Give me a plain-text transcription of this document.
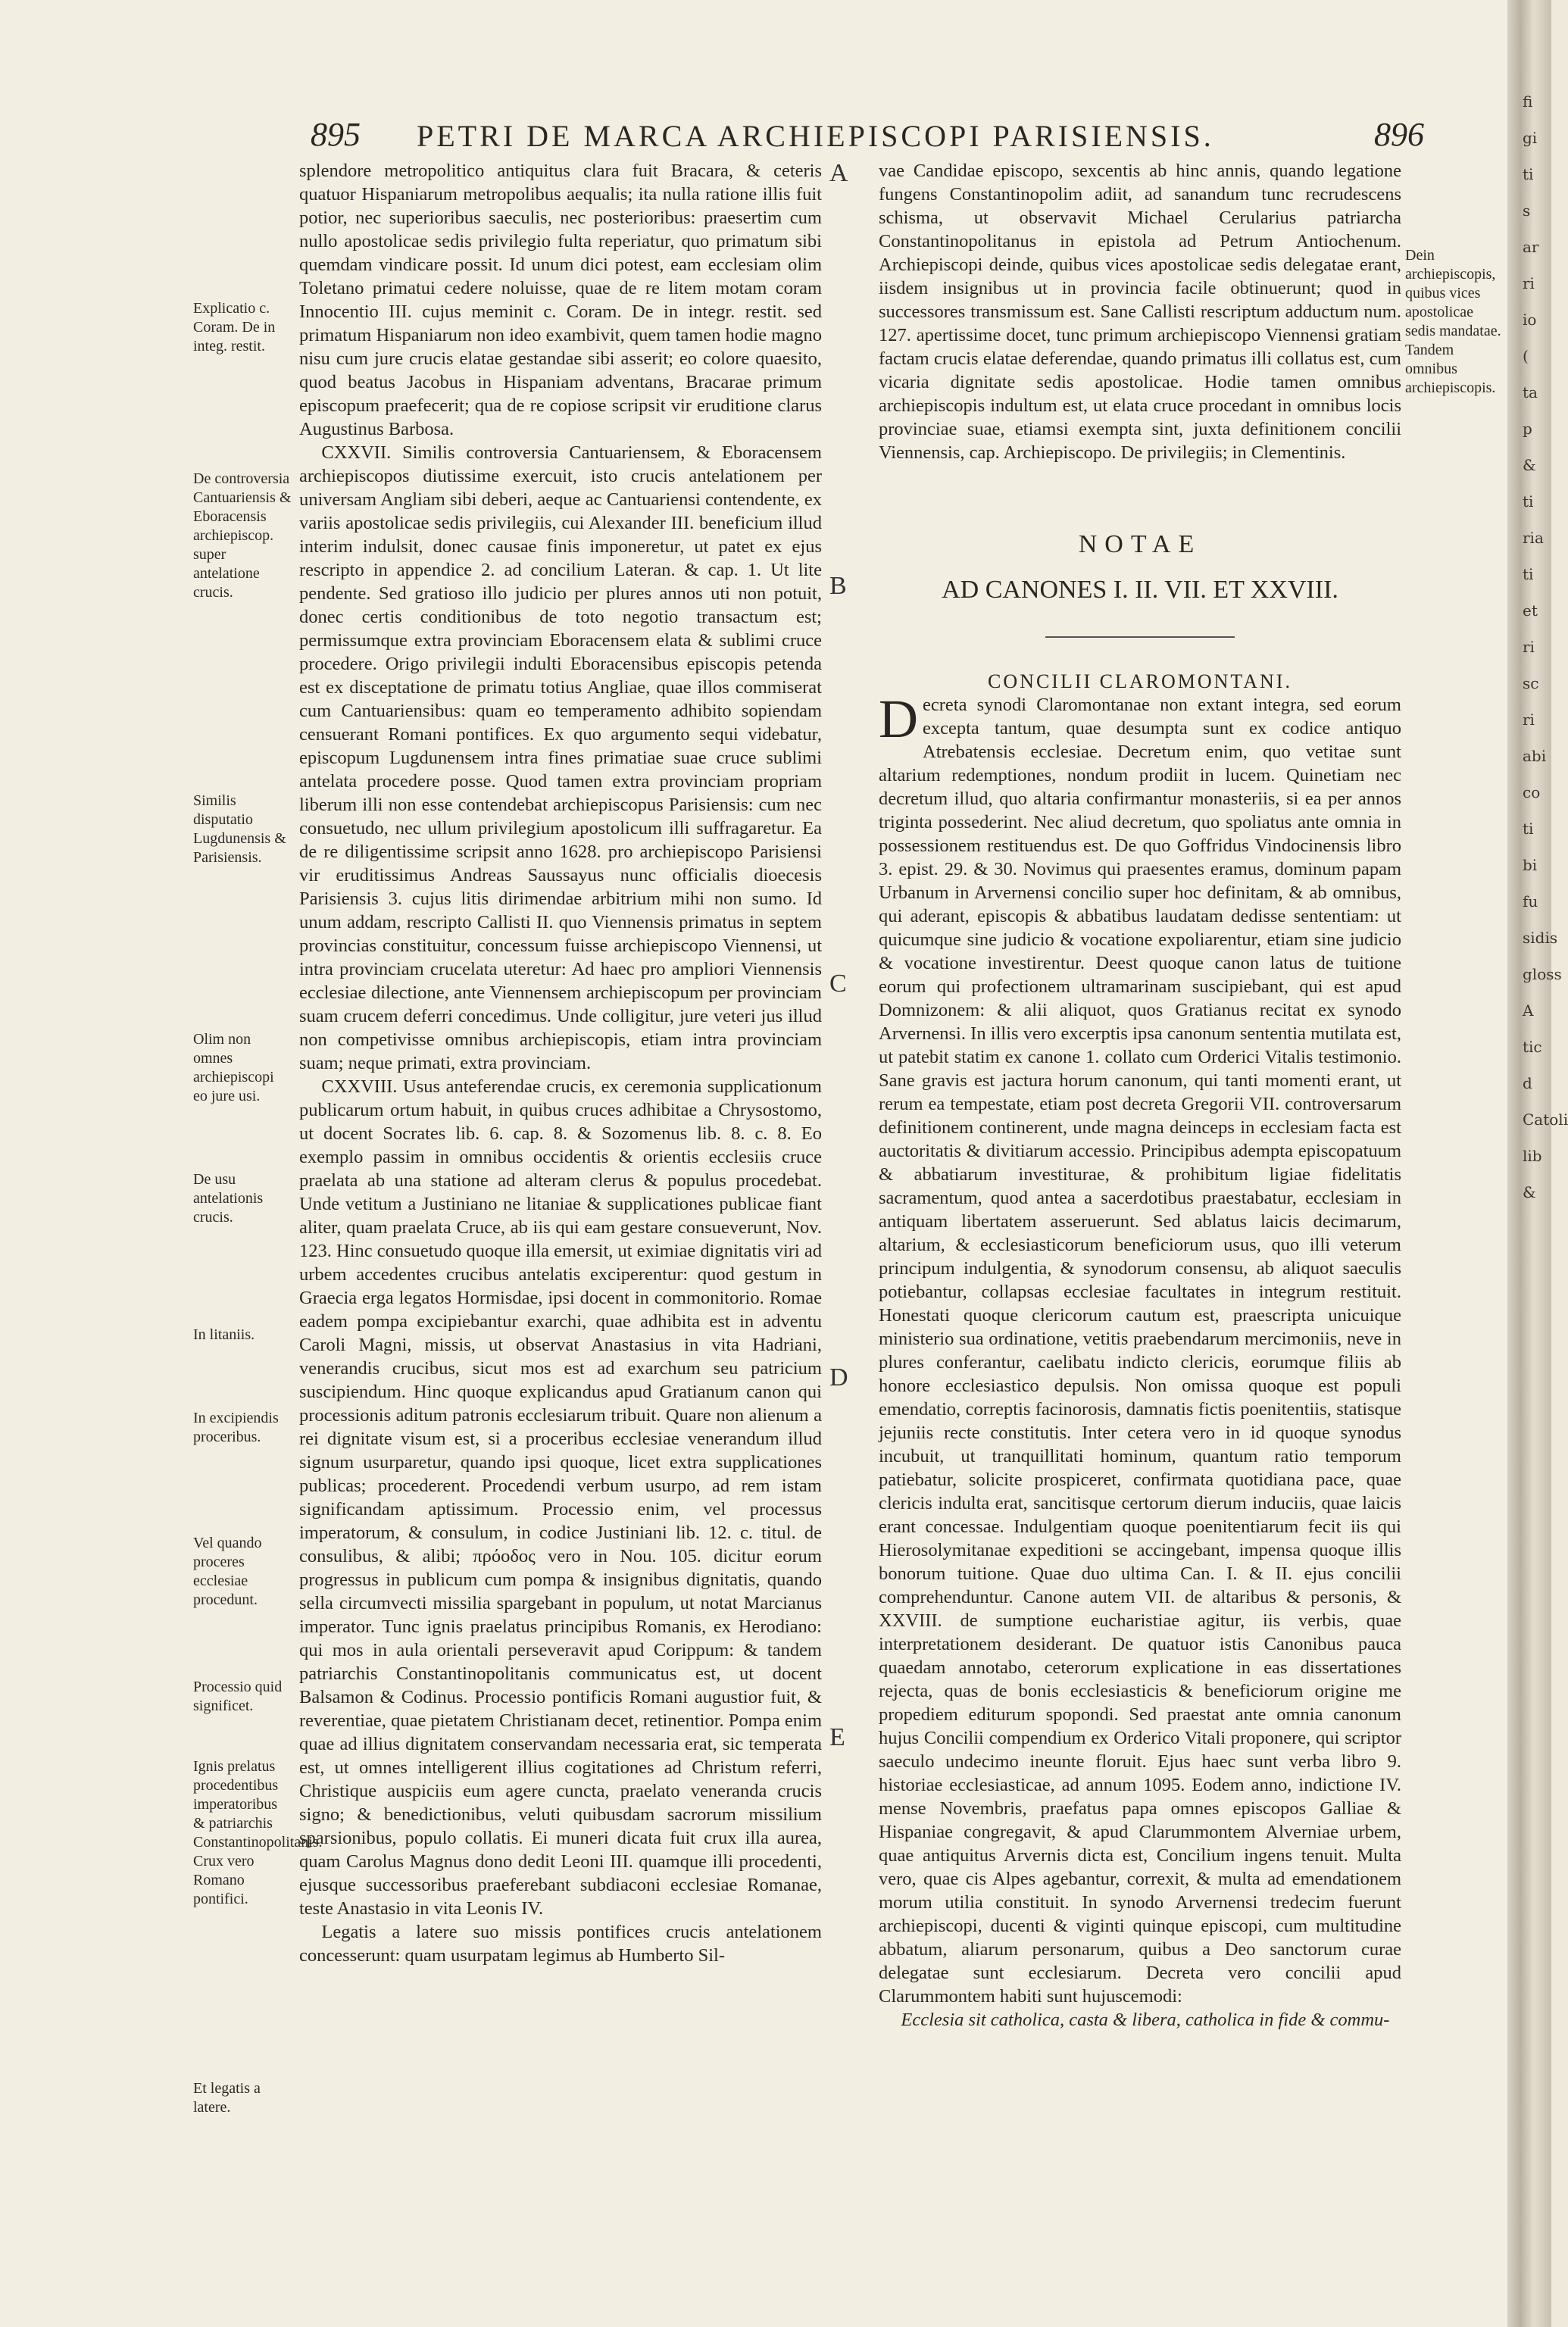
895 PETRI DE MARCA ARCHIEPISCOPI PARISIENSIS.	896
Explicatio c. Coram. De in integ. restit.
De controversia Cantuariensis & Eboracensis archiepiscop. super antelatione crucis.
Similis disputatio Lugdunensis & Parisiensis.
Olim non omnes archiepiscopi eo jure usi.
De usu antelationis crucis.
In litaniis.
In excipiendis proceribus.
Vel quando proceres ecclesiae procedunt.
Processio quid significet.
Ignis prelatus procedentibus imperatoribus & patriarchis Constantinopolitanis. Crux vero Romano pontifici.
Et legatis a latere.
A
B
C
D
E

splendore metropolitico antiquitus clara fuit Bracara, & ceteris quatuor Hispaniarum metropolibus aequalis; ita nulla ratione illis fuit potior, nec superioribus saeculis, nec posterioribus: praesertim cum nullo apostolicae sedis privilegio fulta reperiatur, quo primatum sibi quemdam vindicare possit. Id unum dici potest, eam ecclesiam olim Toletano primatui cedere noluisse, quae de re litem motam coram Innocentio III. cujus meminit c. Coram. De in integr. restit. sed primatum Hispaniarum non ideo exambivit, quem tamen hodie magno nisu cum jure crucis elatae gestandae sibi asserit; eo colore quaesito, quod beatus Jacobus in Hispaniam adventans, Bracarae primum episcopum praefecerit; qua de re copiose scripsit vir eruditione clarus Augustinus Barbosa.

CXXVII. Similis controversia Cantuariensem, & Eboracensem archiepiscopos diutissime exercuit, isto crucis antelationem per universam Angliam sibi deberi, aeque ac Cantuariensi contendente, ex variis apostolicae sedis privilegiis, cui Alexander III. beneficium illud interim indulsit, donec causae finis imponeretur, ut patet ex ejus rescripto in appendice 2. ad concilium Lateran. & cap. 1. Ut lite pendente. Sed gratioso illo judicio per plures annos uti non potuit, donec certis conditionibus de toto negotio transactum est; permissumque extra provinciam Eboracensem elata & sublimi cruce procedere. Origo privilegii indulti Eboracensibus episcopis petenda est ex disceptatione de primatu totius Angliae, quae illos commiserat cum Cantuariensibus: quam eo temperamento adhibito sopiendam censuerant Romani pontifices. Ex quo argumento sequi videbatur, episcopum Lugdunensem intra fines primatiae suae cruce sublimi antelata procedere posse. Quod tamen extra provinciam propriam liberum illi non esse contendebat archiepiscopus Parisiensis: cum nec consuetudo, nec ullum privilegium apostolicum illi suffragaretur. Ea de re diligentissime scripsit anno 1628. pro archiepiscopo Parisiensi vir eruditissimus Andreas Saussayus nunc officialis dioecesis Parisiensis 3. cujus litis dirimendae arbitrium mihi non sumo. Id unum addam, rescripto Callisti II. quo Viennensis primatus in septem provincias constituitur, concessum fuisse archiepiscopo Viennensi, ut intra provinciam crucelata uteretur: Ad haec pro ampliori Viennensis ecclesiae dilectione, ante Viennensem archiepiscopum per provinciam suam crucem deferri concedimus. Unde colligitur, jure veteri jus illud non competivisse omnibus archiepiscopis, etiam intra provinciam suam; neque primati, extra provinciam.

CXXVIII. Usus anteferendae crucis, ex ceremonia supplicationum publicarum ortum habuit, in quibus cruces adhibitae a Chrysostomo, ut docent Socrates lib. 6. cap. 8. & Sozomenus lib. 8. c. 8. Eo exemplo passim in omnibus occidentis & orientis ecclesiis cruce praelata ab una statione ad alteram clerus & populus procedebat. Unde vetitum a Justiniano ne litaniae & supplicationes publicae fiant aliter, quam praelata Cruce, ab iis qui eam gestare consueverunt, Nov. 123. Hinc consuetudo quoque illa emersit, ut eximiae dignitatis viri ad urbem accedentes crucibus antelatis exciperentur: quod gestum in Graecia erga legatos Hormisdae, ipsi docent in commonitorio. Romae eadem pompa excipiebantur exarchi, quae adhibita est in adventu Caroli Magni, missis, ut observat Anastasius in vita Hadriani, venerandis crucibus, sicut mos est ad exarchum seu patricium suscipiendum. Hinc quoque explicandus apud Gratianum canon qui processionis aditum patronis ecclesiarum tribuit. Quare non alienum a rei dignitate visum est, si a proceribus ecclesiae venerandum illud signum usurparetur, quando ipsi quoque, licet extra supplicationes publicas; procederent. Procedendi verbum usurpo, ad rem istam significandam aptissimum. Processio enim, vel processus imperatorum, & consulum, in codice Justiniani lib. 12. c. titul. de consulibus, & alibi; πρόοδος vero in Nou. 105. dicitur eorum progressus in publicum cum pompa & insignibus dignitatis, quando sella circumvecti missilia spargebant in populum, ut notat Marcianus imperator. Tunc ignis praelatus principibus Romanis, ex Herodiano: qui mos in aula orientali perseveravit apud Corippum: & tandem patriarchis Constantinopolitanis communicatus est, ut docent Balsamon & Codinus. Processio pontificis Romani augustior fuit, & reverentiae, quae pietatem Christianam decet, retinentior. Pompa enim quae ad illius dignitatem conservandam necessaria erat, sic temperata est, ut omnes intelligerent illius cogitationes ad Christum referri, Christique auspiciis eum agere cuncta, praelato veneranda crucis signo; & benedictionibus, veluti quibusdam sacrorum missilium sparsionibus, populo collatis. Ei muneri dicata fuit crux illa aurea, quam Carolus Magnus dono dedit Leoni III. quamque illi procedenti, ejusque successoribus praeferebant subdiaconi ecclesiae Romanae, teste Anastasio in vita Leonis IV.

Legatis a latere suo missis pontifices crucis antelationem concesserunt: quam usurpatam legimus ab Humberto Sil-

vae Candidae episcopo, sexcentis ab hinc annis, quando legatione fungens Constantinopolim adiit, ad sanandum tunc recrudescens schisma, ut observavit Michael Cerularius patriarcha Constantinopolitanus in epistola ad Petrum Antiochenum. Archiepiscopi deinde, quibus vices apostolicae sedis delegatae erant, iisdem insignibus ut in provincia facile obtinuerunt; quod in successores transmissum est. Sane Callisti rescriptum adductum num. 127. apertissime docet, tunc primum archiepiscopo Viennensi gratiam factam crucis elatae deferendae, quando primatus illi collatus est, cum vicaria dignitate sedis apostolicae. Hodie tamen omnibus archiepiscopis indultum est, ut elata cruce procedant in omnibus locis provinciae suae, etiamsi exempta sint, juxta definitionem concilii Viennensis, cap. Archiepiscopo. De privilegiis; in Clementinis.

Dein archiepiscopis, quibus vices apostolicae sedis mandatae. Tandem omnibus archiepiscopis.
NOTAE
AD CANONES I. II. VII. ET XXVIII.
CONCILII CLAROMONTANI.

Decreta synodi Claromontanae non extant integra, sed eorum excepta tantum, quae desumpta sunt ex codice antiquo Atrebatensis ecclesiae. Decretum enim, quo vetitae sunt altarium redemptiones, nondum prodiit in lucem. Quinetiam nec decretum illud, quo altaria confirmantur monasteriis, si ea per annos triginta possederint. Nec aliud decretum, quo spoliatus ante omnia in possessionem restituendus est. De quo Goffridus Vindocinensis libro 3. epist. 29. & 30. Novimus qui praesentes eramus, dominum papam Urbanum in Arvernensi concilio super hoc definitam, & ab omnibus, qui aderant, episcopis & abbatibus laudatam dedisse sententiam: ut quicumque sine judicio & vocatione expoliarentur, etiam sine judicio & vocatione investirentur. Deest quoque canon latus de tuitione eorum qui profectionem ultramarinam suscipiebant, qui est apud Domnizonem: & alii aliquot, quos Gratianus recitat ex synodo Arvernensi. In illis vero excerptis ipsa canonum sententia mutilata est, ut patebit statim ex canone 1. collato cum Orderici Vitalis testimonio. Sane gravis est jactura horum canonum, qui tanti momenti erant, ut rerum ea tempestate, etiam post decreta Gregorii VII. controversarum definitionem continerent, unde magna deinceps in ecclesiam facta est auctoritatis & divitiarum accessio. Principibus adempta episcopatuum & abbatiarum investiturae, & prohibitum ligiae fidelitatis sacramentum, quod antea a sacerdotibus praestabatur, ecclesiam in antiquam libertatem asseruerunt. Sed ablatus laicis decimarum, altarium, & ecclesiasticorum beneficiorum usus, quo illi veterum principum indulgentia, & synodorum consensu, ab aliquot saeculis potiebantur, collapsas ecclesiae facultates in integrum restituit. Honestati quoque clericorum cautum est, praescripta unicuique ministerio sua ordinatione, vetitis praebendarum mercimoniis, neve in plures conferantur, caelibatu indicto clericis, eorumque filiis ab honore ecclesiastico depulsis. Non omissa quoque est populi emendatio, correptis facinorosis, damnatis fictis poenitentiis, statisque jejuniis recte constitutis. Inter cetera vero in id quoque synodus incubuit, ut tranquillitati hominum, quantum ratio temporum patiebatur, solicite prospiceret, confirmata quotidiana pace, quae clericis indulta erat, sancitisque certorum dierum induciis, quae laicis erant concessae. Indulgentiam quoque poenitentiarum fecit iis qui Hierosolymitanae expeditioni se accingebant, impensa quoque illis bonorum tuitione. Quae duo ultima Can. I. & II. ejus concilii comprehenduntur. Canone autem VII. de altaribus & personis, & XXVIII. de sumptione eucharistiae agitur, iis verbis, quae interpretationem desiderant. De quatuor istis Canonibus pauca quaedam annotabo, ceterorum explicatione in eas dissertationes rejecta, quas de bonis ecclesiasticis & beneficiorum origine me propediem editurum spopondi. Sed praestat ante omnia canonum hujus Concilii compendium ex Orderico Vitali proponere, qui scriptor saeculo undecimo ineunte floruit. Ejus haec sunt verba libro 9. historiae ecclesiasticae, ad annum 1095. Eodem anno, indictione IV. mense Novembris, praefatus papa omnes episcopos Galliae & Hispaniae congregavit, & apud Clarummontem Alverniae urbem, quae antiquitus Arvernis dicta est, Concilium ingens tenuit. Multa vero, quae cis Alpes agebantur, correxit, & multa ad emendationem morum utilia constituit. In synodo Arvernensi tredecim fuerunt archiepiscopi, ducenti & viginti quinque episcopi, cum multitudine abbatum, aliarum personarum, quibus a Deo sanctorum curae delegatae sunt ecclesiarum. Decreta vero concilii apud Clarummontem habiti sunt hujuscemodi:

Ecclesia sit catholica, casta & libera, catholica in fide & commu-

fi
gi
ti
s
ar
ri
io
(
ta
p
&
ti
ria
ti
et
ri
sc
ri
abi
co
ti
bi
fu
sidis
gloss
A
tic
d
Catoli
lib
&
